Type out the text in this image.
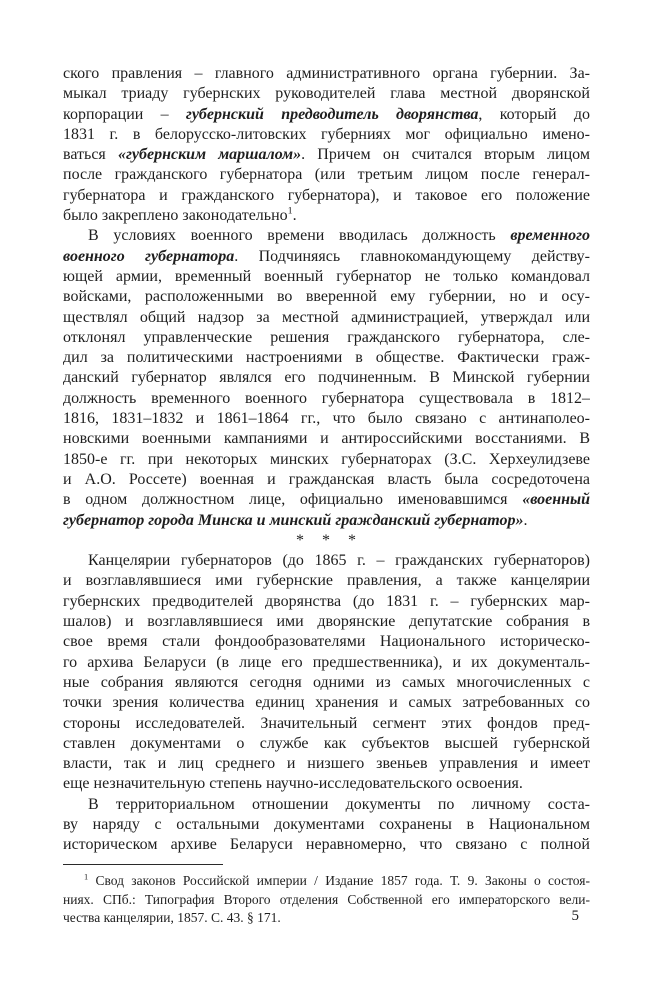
ского правления – главного административного органа губернии. За-
мыкал триаду губернских руководителей глава местной дворянской
корпорации – губернский предводитель дворянства, который до
1831 г. в белорусско-литовских губерниях мог официально имено-
ваться «губернским маршалом». Причем он считался вторым лицом
после гражданского губернатора (или третьим лицом после генерал-
губернатора и гражданского губернатора), и таковое его положение
было закреплено законодательно$^1$.
В условиях военного времени вводилась должность временного
военного губернатора. Подчиняясь главнокомандующему действу-
ющей армии, временный военный губернатор не только командовал
войсками, расположенными во вверенной ему губернии, но и осу-
ществлял общий надзор за местной администрацией, утверждал или
отклонял управленческие решения гражданского губернатора, сле-
дил за политическими настроениями в обществе. Фактически граж-
данский губернатор являлся его подчиненным. В Минской губернии
должность временного военного губернатора существовала в 1812–
1816, 1831–1832 и 1861–1864 гг., что было связано с антинаполео-
новскими военными кампаниями и антироссийскими восстаниями. В
1850-е гг. при некоторых минских губернаторах (З.С. Херхеулидзеве
и А.О. Россете) военная и гражданская власть была сосредоточена
в одном должностном лице, официально именовавшимся «военный
губернатор города Минска и минский гражданский губернатор».
* * *
Канцелярии губернаторов (до 1865 г. – гражданских губернаторов)
и возглавлявшиеся ими губернские правления, а также канцелярии
губернских предводителей дворянства (до 1831 г. – губернских мар-
шалов) и возглавлявшиеся ими дворянские депутатские собрания в
свое время стали фондообразователями Национального историческо-
го архива Беларуси (в лице его предшественника), и их документаль-
ные собрания являются сегодня одними из самых многочисленных с
точки зрения количества единиц хранения и самых затребованных со
стороны исследователей. Значительный сегмент этих фондов пред-
ставлен документами о службе как субъектов высшей губернской
власти, так и лиц среднего и низшего звеньев управления и имеет
еще незначительную степень научно-исследовательского освоения.
В территориальном отношении документы по личному соста-
ву наряду с остальными документами сохранены в Национальном
историческом архиве Беларуси неравномерно, что связано с полной
$^1$ Свод законов Российской империи / Издание 1857 года. Т. 9. Законы о состоя-
ниях. СПб.: Типография Второго отделения Собственной его императорского вели-
чества канцелярии, 1857. С. 43. § 171.	5
